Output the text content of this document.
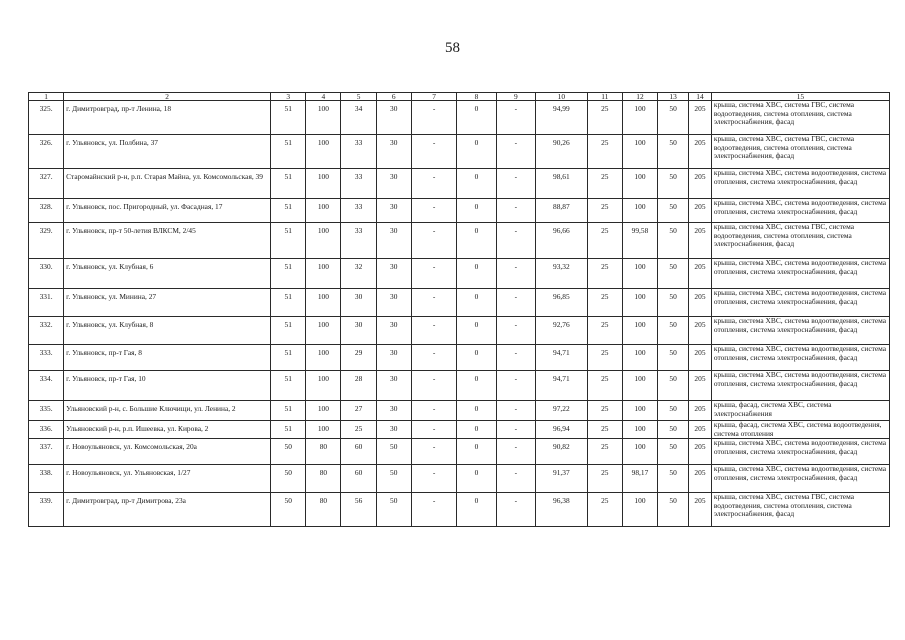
58
1	2	3	4	5	6	7	8	9	10	11	12	13	14	15
325.	г. Димитровград, пр-т Ленина, 18	51	100	34	30	-	0	-	94,99	25	100	50	205	крыша, система ХВС, система ГВС, система водоотведения, система отопления, система электроснабжения, фасад
326.	г. Ульяновск, ул. Полбина, 37	51	100	33	30	-	0	-	90,26	25	100	50	205	крыша, система ХВС, система ГВС, система водоотведения, система отопления, система электроснабжения, фасад
327.	Старомайнский р-н, р.п. Старая Майна, ул. Комсомольская, 39	51	100	33	30	-	0	-	98,61	25	100	50	205	крыша, система ХВС, система водоотведения, система отопления, система электроснабжения, фасад
328.	г. Ульяновск, пос. Пригородный, ул. Фасадная, 17	51	100	33	30	-	0	-	88,87	25	100	50	205	крыша, система ХВС, система водоотведения, система отопления, система электроснабжения, фасад
329.	г. Ульяновск, пр-т 50-летия ВЛКСМ, 2/45	51	100	33	30	-	0	-	96,66	25	99,58	50	205	крыша, система ХВС, система ГВС, система водоотведения, система отопления, система электроснабжения, фасад
330.	г. Ульяновск, ул. Клубная, 6	51	100	32	30	-	0	-	93,32	25	100	50	205	крыша, система ХВС, система водоотведения, система отопления, система электроснабжения, фасад
331.	г. Ульяновск, ул. Минина, 27	51	100	30	30	-	0	-	96,85	25	100	50	205	крыша, система ХВС, система водоотведения, система отопления, система электроснабжения, фасад
332.	г. Ульяновск, ул. Клубная, 8	51	100	30	30	-	0	-	92,76	25	100	50	205	крыша, система ХВС, система водоотведения, система отопления, система электроснабжения, фасад
333.	г. Ульяновск, пр-т Гая, 8	51	100	29	30	-	0	-	94,71	25	100	50	205	крыша, система ХВС, система водоотведения, система отопления, система электроснабжения, фасад
334.	г. Ульяновск, пр-т Гая, 10	51	100	28	30	-	0	-	94,71	25	100	50	205	крыша, система ХВС, система водоотведения, система отопления, система электроснабжения, фасад
335.	Ульяновский р-н, с. Большие Ключищи, ул. Ленина, 2	51	100	27	30	-	0	-	97,22	25	100	50	205	крыша, фасад, система ХВС, система электроснабжения
336.	Ульяновский р-н, р.п. Ишеевка, ул. Кирова, 2	51	100	25	30	-	0	-	96,94	25	100	50	205	крыша, фасад, система ХВС, система водоотведения, система отопления
337.	г. Новоульяновск, ул. Комсомольская, 20а	50	80	60	50	-	0	-	90,82	25	100	50	205	крыша, система ХВС, система водоотведения, система отопления, система электроснабжения, фасад
338.	г. Новоульяновск, ул. Ульяновская, 1/27	50	80	60	50	-	0	-	91,37	25	98,17	50	205	крыша, система ХВС, система водоотведения, система отопления, система электроснабжения, фасад
339.	г. Димитровград, пр-т Димитрова, 23а	50	80	56	50	-	0	-	96,38	25	100	50	205	крыша, система ХВС, система ГВС, система водоотведения, система отопления, система электроснабжения, фасад
